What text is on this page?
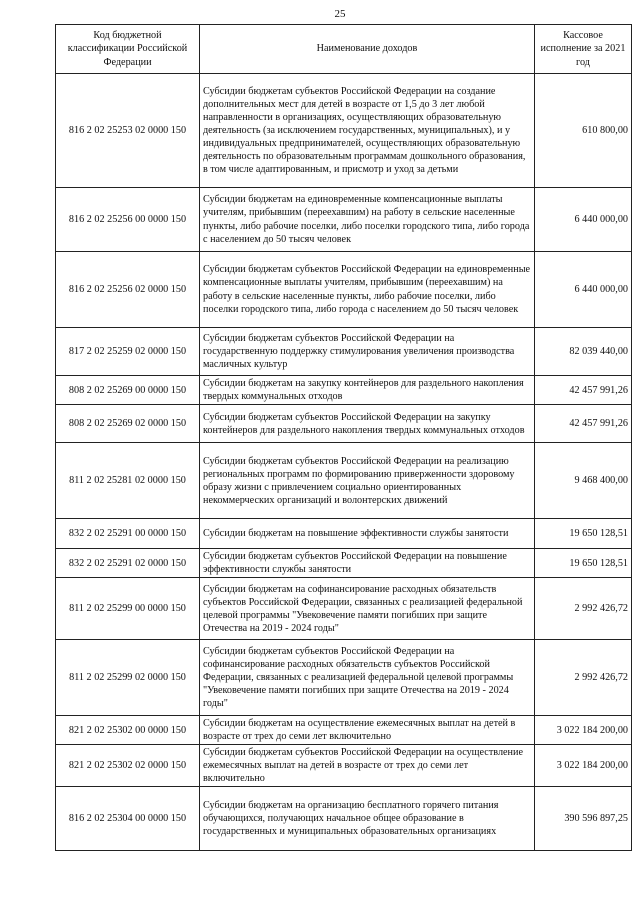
25
Код бюджетной классификации Российской Федерации	Наименование доходов	Кассовое исполнение за 2021 год
816 2 02 25253 02 0000 150	Субсидии бюджетам субъектов Российской Федерации на создание дополнительных мест для детей в возрасте от 1,5 до 3 лет любой направленности в организациях, осуществляющих образовательную деятельность (за исключением государственных, муниципальных), и у индивидуальных предпринимателей, осуществляющих образовательную деятельность по образовательным программам дошкольного образования, в том числе адаптированным, и присмотр и уход за детьми	610 800,00
816 2 02 25256 00 0000 150	Субсидии бюджетам на единовременные компенсационные выплаты учителям, прибывшим (переехавшим) на работу в сельские населенные пункты, либо рабочие поселки, либо поселки городского типа, либо города с населением до 50 тысяч человек	6 440 000,00
816 2 02 25256 02 0000 150	Субсидии бюджетам субъектов Российской Федерации на единовременные компенсационные выплаты учителям, прибывшим (переехавшим) на работу в сельские населенные пункты, либо рабочие поселки, либо поселки городского типа, либо города с населением до 50 тысяч человек	6 440 000,00
817 2 02 25259 02 0000 150	Субсидии бюджетам субъектов Российской Федерации на государственную поддержку стимулирования увеличения производства масличных культур	82 039 440,00
808 2 02 25269 00 0000 150	Субсидии бюджетам на закупку контейнеров для раздельного накопления твердых коммунальных отходов	42 457 991,26
808 2 02 25269 02 0000 150	Субсидии бюджетам субъектов Российской Федерации на закупку контейнеров для раздельного накопления твердых коммунальных отходов	42 457 991,26
811 2 02 25281 02 0000 150	Субсидии бюджетам субъектов Российской Федерации на реализацию региональных программ по формированию приверженности здоровому образу жизни с привлечением социально ориентированных некоммерческих организаций и волонтерских движений	9 468 400,00
832 2 02 25291 00 0000 150	Субсидии бюджетам на повышение эффективности службы занятости	19 650 128,51
832 2 02 25291 02 0000 150	Субсидии бюджетам субъектов Российской Федерации на повышение эффективности службы занятости	19 650 128,51
811 2 02 25299 00 0000 150	Субсидии бюджетам на софинансирование расходных обязательств субъектов Российской Федерации, связанных с реализацией федеральной целевой программы "Увековечение памяти погибших при защите Отечества на 2019 - 2024 годы"	2 992 426,72
811 2 02 25299 02 0000 150	Субсидии бюджетам субъектов Российской Федерации на софинансирование расходных обязательств субъектов Российской Федерации, связанных с реализацией федеральной целевой программы "Увековечение памяти погибших при защите Отечества на 2019 - 2024 годы"	2 992 426,72
821 2 02 25302 00 0000 150	Субсидии бюджетам на осуществление ежемесячных выплат на детей в возрасте от трех до семи лет включительно	3 022 184 200,00
821 2 02 25302 02 0000 150	Субсидии бюджетам субъектов Российской Федерации на осуществление ежемесячных выплат на детей в возрасте от трех до семи лет включительно	3 022 184 200,00
816 2 02 25304 00 0000 150	Субсидии бюджетам на организацию бесплатного горячего питания обучающихся, получающих начальное общее образование в государственных и муниципальных образовательных организациях	390 596 897,25
